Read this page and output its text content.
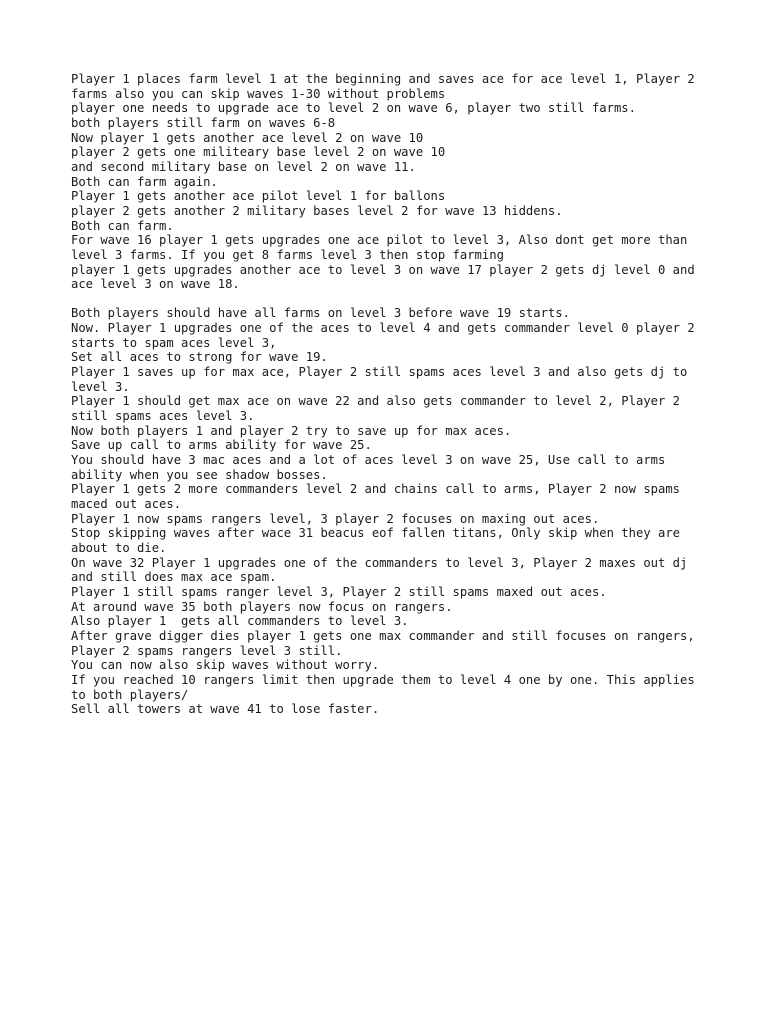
Player 1 places farm level 1 at the beginning and saves ace for ace level 1, Player 2 farms also you can skip waves 1-30 without problems

player one needs to upgrade ace to level 2 on wave 6, player two still farms.

both players still farm on waves 6-8

Now player 1 gets another ace level 2 on wave 10

player 2 gets one militeary base level 2 on wave 10

and second military base on level 2 on wave 11.

Both can farm again.

Player 1 gets another ace pilot level 1 for ballons

player 2 gets another 2 military bases level 2 for wave 13 hiddens.

Both can farm.

For wave 16 player 1 gets upgrades one ace pilot to level 3, Also dont get more than level 3 farms. If you get 8 farms level 3 then stop farming

player 1 gets upgrades another ace to level 3 on wave 17 player 2 gets dj level 0 and ace level 3 on wave 18.

Both players should have all farms on level 3 before wave 19 starts.

Now. Player 1 upgrades one of the aces to level 4 and gets commander level 0 player 2 starts to spam aces level 3,

Set all aces to strong for wave 19.

Player 1 saves up for max ace, Player 2 still spams aces level 3 and also gets dj to level 3.

Player 1 should get max ace on wave 22 and also gets commander to level 2, Player 2 still spams aces level 3.

Now both players 1 and player 2 try to save up for max aces.

Save up call to arms ability for wave 25.

You should have 3 mac aces and a lot of aces level 3 on wave 25, Use call to arms ability when you see shadow bosses.

Player 1 gets 2 more commanders level 2 and chains call to arms, Player 2 now spams maced out aces.

Player 1 now spams rangers level, 3 player 2 focuses on maxing out aces.

Stop skipping waves after wace 31 beacus eof fallen titans, Only skip when they are about to die.

On wave 32 Player 1 upgrades one of the commanders to level 3, Player 2 maxes out dj and still does max ace spam.

Player 1 still spams ranger level 3, Player 2 still spams maxed out aces.

At around wave 35 both players now focus on rangers.

Also player 1  gets all commanders to level 3.

After grave digger dies player 1 gets one max commander and still focuses on rangers, Player 2 spams rangers level 3 still.

You can now also skip waves without worry.

If you reached 10 rangers limit then upgrade them to level 4 one by one. This applies to both players/

Sell all towers at wave 41 to lose faster.
